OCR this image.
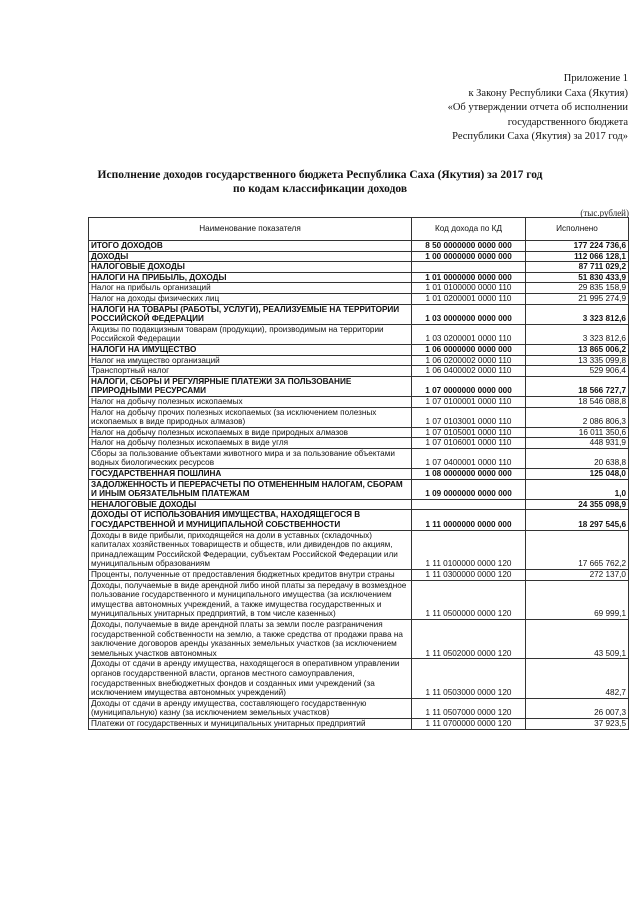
Приложение 1
к Закону Республики Саха (Якутия)
«Об утверждении отчета об исполнении
государственного бюджета
Республики Саха (Якутия) за 2017 год»
Исполнение доходов государственного бюджета Республика Саха (Якутия) за 2017 год
по кодам классификации доходов
(тыс.рублей)
Наименование показателя	Код дохода по КД	Исполнено
ИТОГО ДОХОДОВ	8 50 0000000 0000 000	177 224 736,6
ДОХОДЫ	1 00 0000000 0000 000	112 066 128,1
НАЛОГОВЫЕ ДОХОДЫ		87 711 029,2
НАЛОГИ НА ПРИБЫЛЬ, ДОХОДЫ	1 01 0000000 0000 000	51 830 433,9
Налог на прибыль организаций	1 01 0100000 0000 110	29 835 158,9
Налог на доходы физических лиц	1 01 0200001 0000 110	21 995 274,9
НАЛОГИ НА ТОВАРЫ (РАБОТЫ, УСЛУГИ), РЕАЛИЗУЕМЫЕ НА ТЕРРИТОРИИ РОССИЙСКОЙ ФЕДЕРАЦИИ	1 03 0000000 0000 000	3 323 812,6
Акцизы по подакцизным товарам (продукции), производимым на территории Российской Федерации	1 03 0200001 0000 110	3 323 812,6
НАЛОГИ НА ИМУЩЕСТВО	1 06 0000000 0000 000	13 865 006,2
Налог на имущество организаций	1 06 0200002 0000 110	13 335 099,8
Транспортный налог	1 06 0400002 0000 110	529 906,4
НАЛОГИ, СБОРЫ И РЕГУЛЯРНЫЕ ПЛАТЕЖИ ЗА ПОЛЬЗОВАНИЕ ПРИРОДНЫМИ РЕСУРСАМИ	1 07 0000000 0000 000	18 566 727,7
Налог на добычу полезных ископаемых	1 07 0100001 0000 110	18 546 088,8
Налог на добычу прочих полезных ископаемых (за исключением полезных ископаемых в виде природных алмазов)	1 07 0103001 0000 110	2 086 806,3
Налог на добычу полезных ископаемых в виде природных алмазов	1 07 0105001 0000 110	16 011 350,6
Налог на добычу полезных ископаемых в виде угля	1 07 0106001 0000 110	448 931,9
Сборы за пользование объектами животного мира и за пользование объектами водных биологических ресурсов	1 07 0400001 0000 110	20 638,8
ГОСУДАРСТВЕННАЯ ПОШЛИНА	1 08 0000000 0000 000	125 048,0
ЗАДОЛЖЕННОСТЬ И ПЕРЕРАСЧЕТЫ ПО ОТМЕНЕННЫМ НАЛОГАМ, СБОРАМ И ИНЫМ ОБЯЗАТЕЛЬНЫМ ПЛАТЕЖАМ	1 09 0000000 0000 000	1,0
НЕНАЛОГОВЫЕ ДОХОДЫ		24 355 098,9
ДОХОДЫ ОТ ИСПОЛЬЗОВАНИЯ ИМУЩЕСТВА, НАХОДЯЩЕГОСЯ В ГОСУДАРСТВЕННОЙ И МУНИЦИПАЛЬНОЙ СОБСТВЕННОСТИ	1 11 0000000 0000 000	18 297 545,6
Доходы в виде прибыли, приходящейся на доли в уставных (складочных) капиталах хозяйственных товариществ и обществ, или дивидендов по акциям, принадлежащим Российской Федерации, субъектам Российской Федерации или муниципальным образованиям	1 11 0100000 0000 120	17 665 762,2
Проценты, полученные от предоставления бюджетных кредитов внутри страны	1 11 0300000 0000 120	272 137,0
Доходы, получаемые в виде арендной либо иной платы за передачу в возмездное пользование государственного и муниципального имущества (за исключением имущества автономных учреждений, а также имущества государственных и муниципальных унитарных предприятий, в том числе казенных)	1 11 0500000 0000 120	69 999,1
Доходы, получаемые в виде арендной платы за земли после разграничения государственной собственности на землю, а также средства от продажи права на заключение договоров аренды указанных земельных участков (за исключением земельных участков автономных	1 11 0502000 0000 120	43 509,1
Доходы от сдачи в аренду имущества, находящегося в оперативном управлении органов государственной власти, органов местного самоуправления, государственных внебюджетных фондов и созданных ими учреждений (за исключением имущества автономных учреждений)	1 11 0503000 0000 120	482,7
Доходы от сдачи в аренду имущества, составляющего государственную (муниципальную) казну (за исключением земельных участков)	1 11 0507000 0000 120	26 007,3
Платежи от государственных и муниципальных унитарных предприятий	1 11 0700000 0000 120	37 923,5
